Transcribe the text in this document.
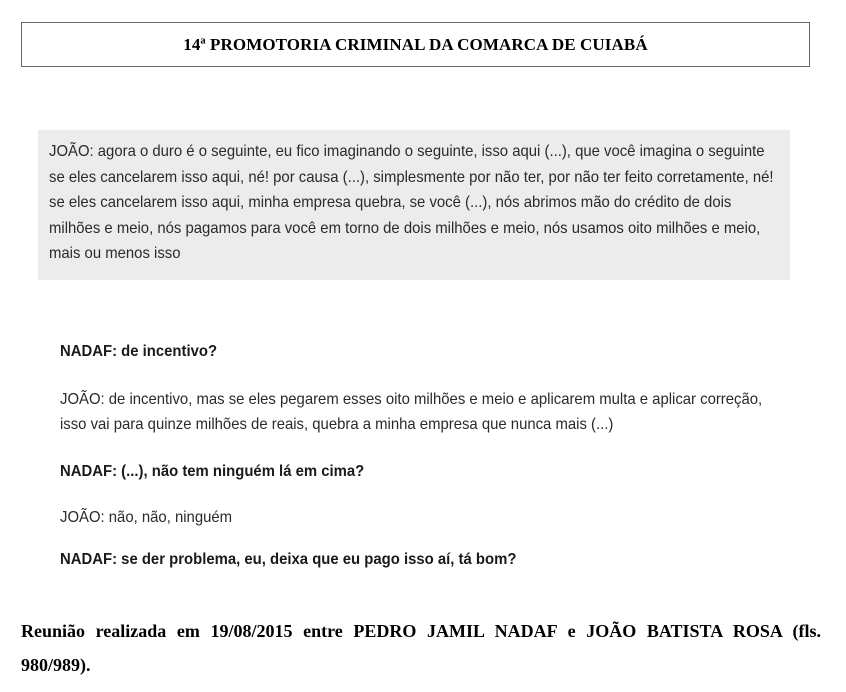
14ª PROMOTORIA CRIMINAL DA COMARCA DE CUIABÁ

JOÃO: agora o duro é o seguinte, eu fico imaginando o seguinte, isso aqui (...), que você imagina o seguinte se eles cancelarem isso aqui, né! por causa (...), simplesmente por não ter, por não ter feito corretamente, né! se eles cancelarem isso aqui, minha empresa quebra, se você (...), nós abrimos mão do crédito de dois milhões e meio, nós pagamos para você em torno de dois milhões e meio, nós usamos oito milhões e meio, mais ou menos isso

NADAF: de incentivo?

JOÃO: de incentivo, mas se eles pegarem esses oito milhões e meio e aplicarem multa e aplicar correção, isso vai para quinze milhões de reais, quebra a minha empresa que nunca mais (...)

NADAF: (...), não tem ninguém lá em cima?

JOÃO: não, não, ninguém

NADAF: se der problema, eu, deixa que eu pago isso aí, tá bom?

Reunião realizada em 19/08/2015 entre PEDRO JAMIL NADAF e JOÃO BATISTA ROSA (fls. 980/989).
